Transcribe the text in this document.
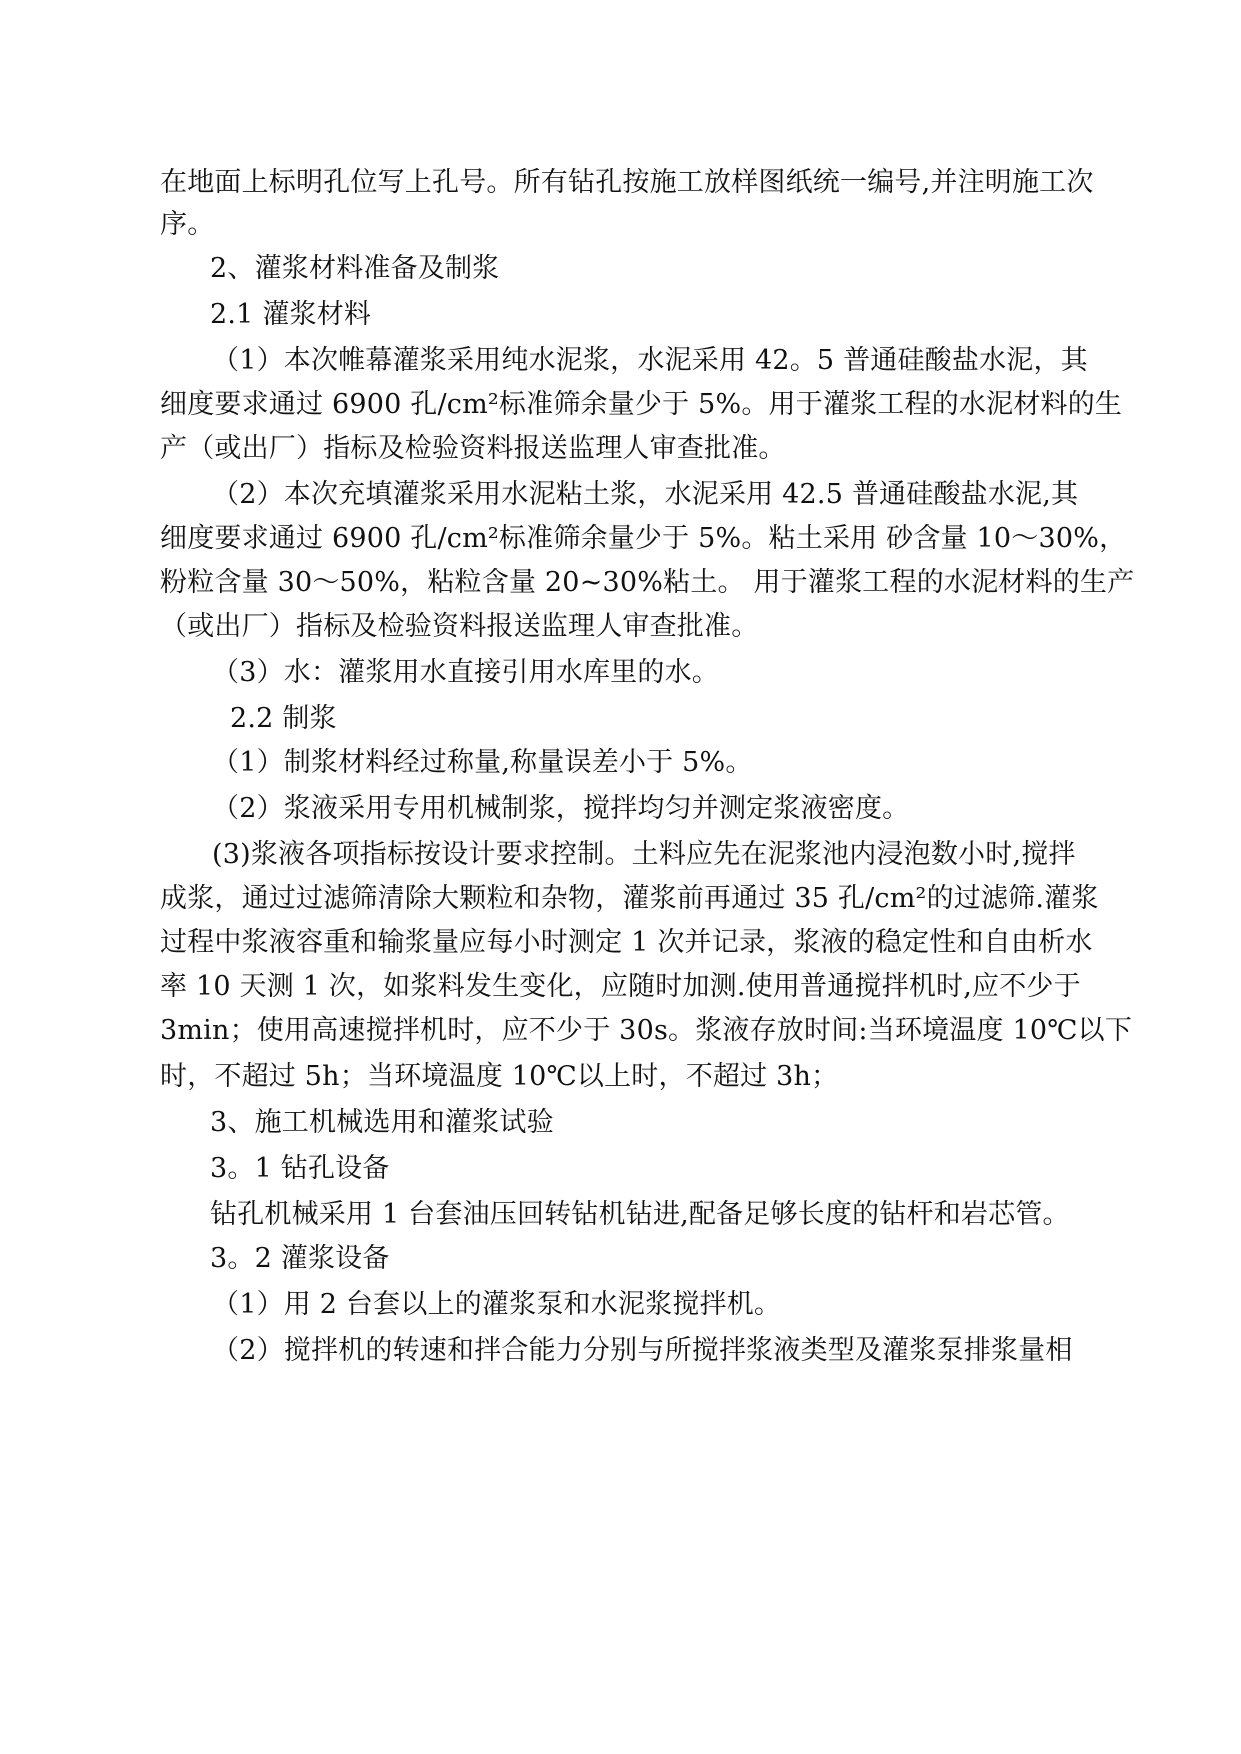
在地面上标明孔位写上孔号。所有钻孔按施工放样图纸统一编号,并注明施工次
序。
2、灌浆材料准备及制浆
2.1 灌浆材料
（1）本次帷幕灌浆采用纯水泥浆，水泥采用 42。5 普通硅酸盐水泥，其
细度要求通过 6900 孔/cm²标准筛余量少于 5%。用于灌浆工程的水泥材料的生
产（或出厂）指标及检验资料报送监理人审查批准。
（2）本次充填灌浆采用水泥粘土浆，水泥采用 42.5 普通硅酸盐水泥,其
细度要求通过 6900 孔/cm²标准筛余量少于 5%。粘土采用 砂含量 10～30%，
粉粒含量 30～50%，粘粒含量 20~30%粘土。 用于灌浆工程的水泥材料的生产
（或出厂）指标及检验资料报送监理人审查批准。
（3）水：灌浆用水直接引用水库里的水。
2.2 制浆
（1）制浆材料经过称量,称量误差小于 5%。
（2）浆液采用专用机械制浆，搅拌均匀并测定浆液密度。
(3)浆液各项指标按设计要求控制。土料应先在泥浆池内浸泡数小时,搅拌
成浆，通过过滤筛清除大颗粒和杂物，灌浆前再通过 35 孔/cm²的过滤筛.灌浆
过程中浆液容重和输浆量应每小时测定 1 次并记录，浆液的稳定性和自由析水
率 10 天测 1 次，如浆料发生变化，应随时加测.使用普通搅拌机时,应不少于
3min；使用高速搅拌机时，应不少于 30s。浆液存放时间:当环境温度 10℃以下
时，不超过 5h；当环境温度 10℃以上时，不超过 3h；
3、施工机械选用和灌浆试验
3。1 钻孔设备
钻孔机械采用 1 台套油压回转钻机钻进,配备足够长度的钻杆和岩芯管。
3。2 灌浆设备
（1）用 2 台套以上的灌浆泵和水泥浆搅拌机。
（2）搅拌机的转速和拌合能力分别与所搅拌浆液类型及灌浆泵排浆量相
